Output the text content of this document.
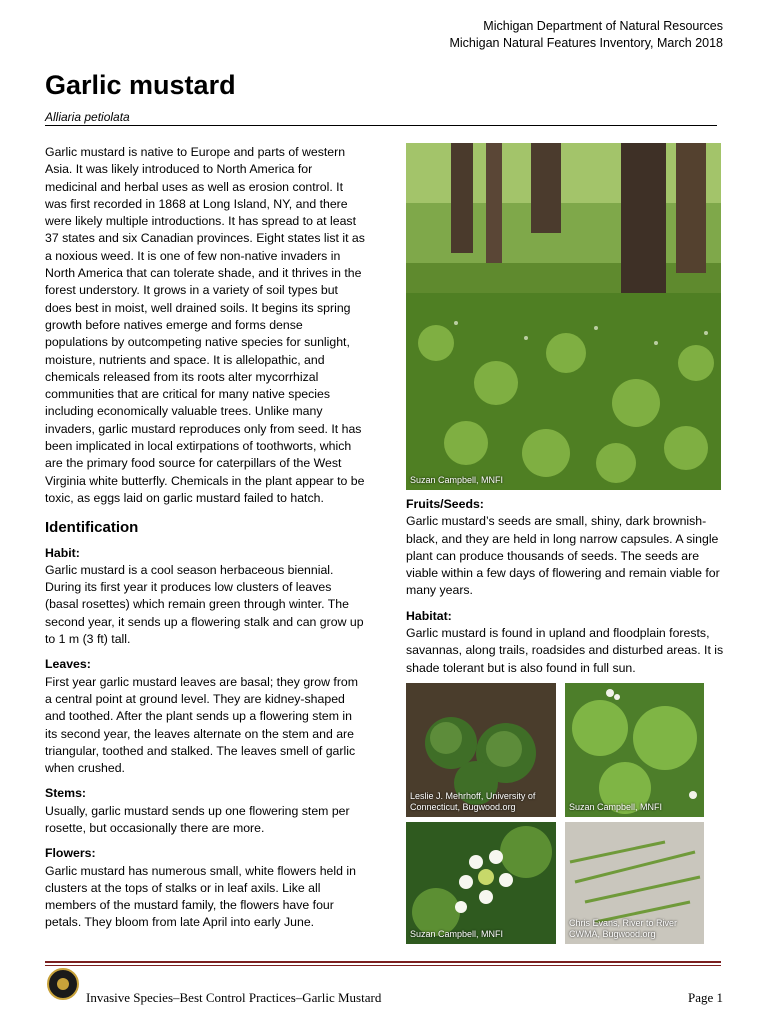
Michigan Department of Natural Resources
Michigan Natural Features Inventory, March 2018
Garlic mustard
Alliaria petiolata

Garlic mustard is native to Europe and parts of western Asia. It was likely introduced to North America for medicinal and herbal uses as well as erosion control. It was first recorded in 1868 at Long Island, NY, and there were likely multiple introductions. It has spread to at least 37 states and six Canadian provinces. Eight states list it as a noxious weed. It is one of few non-native invaders in North America that can tolerate shade, and it thrives in the forest understory. It grows in a variety of soil types but does best in moist, well drained soils. It begins its spring growth before natives emerge and forms dense populations by outcompeting native species for sunlight, moisture, nutrients and space. It is allelopathic, and chemicals released from its roots alter mycorrhizal communities that are critical for many native species including economically valuable trees. Unlike many invaders, garlic mustard reproduces only from seed. It has been implicated in local extirpations of toothworts, which are the primary food source for caterpillars of the West Virginia white butterfly. Chemicals in the plant appear to be toxic, as eggs laid on garlic mustard failed to hatch.

Identification

Habit:

Garlic mustard is a cool season herbaceous biennial. During its first year it produces low clusters of leaves (basal rosettes) which remain green through winter. The second year, it sends up a flowering stalk and can grow up to 1 m (3 ft) tall.

Leaves:

First year garlic mustard leaves are basal; they grow from a central point at ground level. They are kidney-shaped and toothed. After the plant sends up a flowering stem in its second year, the leaves alternate on the stem and are triangular, toothed and stalked. The leaves smell of garlic when crushed.

Stems:

Usually, garlic mustard sends up one flowering stem per rosette, but occasionally there are more.

Flowers:

Garlic mustard has numerous small, white flowers held in clusters at the tops of stalks or in leaf axils. Like all members of the mustard family, the flowers have four petals. They bloom from late April into early June.

Suzan Campbell, MNFI

Fruits/Seeds:

Garlic mustard’s seeds are small, shiny, dark brownish-black, and they are held in long narrow capsules. A single plant can produce thousands of seeds. The seeds are viable within a few days of flowering and remain viable for many years.

Habitat:

Garlic mustard is found in upland and floodplain forests, savannas, along trails, roadsides and disturbed areas. It is shade tolerant but is also found in full sun.

Leslie J. Mehrhoff, University of Connecticut, Bugwood.org	Suzan Campbell, MNFI
Suzan Campbell, MNFI
Chris Evans, River to River CWMA, Bugwood.org
Invasive Species–Best Control Practices–Garlic Mustard	Page 1
